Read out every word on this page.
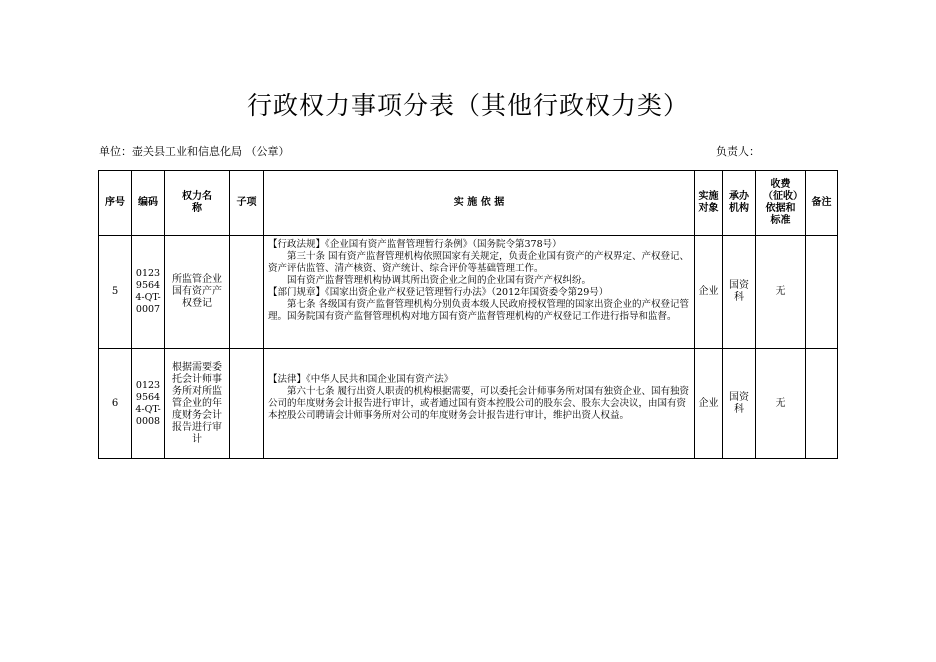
行政权力事项分表（其他行政权力类）
单位：壶关县工业和信息化局 （公章）	负责人：
序号	编码	权力名称	子项	实 施 依 据	实施对象	承办机构	收费（征收）依据和标准	备注
5	012395644-QT-0007	所监管企业国有资产产权登记		【行政法规】《企业国有资产监督管理暂行条例》（国务院令第378号）

第三十条 国有资产监督管理机构依照国家有关规定，负责企业国有资产的产权界定、产权登记、资产评估监管、清产核资、资产统计、综合评价等基础管理工作。

国有资产监督管理机构协调其所出资企业之间的企业国有资产产权纠纷。

【部门规章】《国家出资企业产权登记管理暂行办法》（2012年国资委令第29号）

第七条 各级国有资产监督管理机构分别负责本级人民政府授权管理的国家出资企业的产权登记管理。国务院国有资产监督管理机构对地方国有资产监督管理机构的产权登记工作进行指导和监督。	企业	国资科	无	
6	012395644-QT-0008	根据需要委托会计师事务所对所监管企业的年度财务会计报告进行审计		【法律】《中华人民共和国企业国有资产法》

第六十七条 履行出资人职责的机构根据需要，可以委托会计师事务所对国有独资企业、国有独资公司的年度财务会计报告进行审计，或者通过国有资本控股公司的股东会、股东大会决议，由国有资本控股公司聘请会计师事务所对公司的年度财务会计报告进行审计，维护出资人权益。	企业	国资科	无	
